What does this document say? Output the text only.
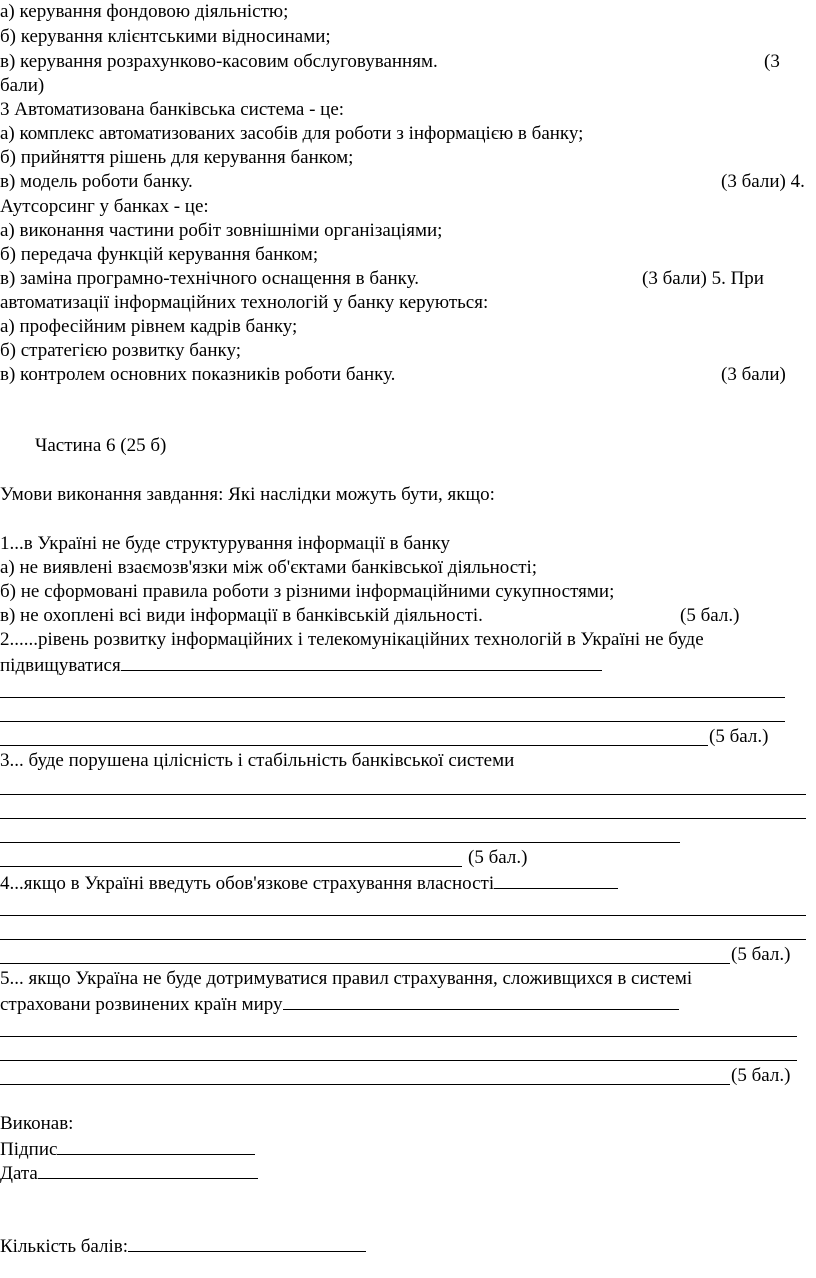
а) керування фондовою діяльністю;
б) керування клієнтськими відносинами;
в) керування розрахунково-касовим обслуговуванням.	(3
бали)
3 Автоматизована банківська система - це:
а) комплекс автоматизованих засобів для роботи з інформацією в банку;
б) прийняття рішень для керування банком;
в) модель роботи банку.	(3 бали) 4.
Аутсорсинг у банках - це:
а) виконання частини робіт зовнішніми організаціями;
б) передача функцій керування банком;
в) заміна програмно-технічного оснащення в банку.	(3 бали) 5. При
автоматизації інформаційних технологій у банку керуються:
а) професійним рівнем кадрів банку;
б) стратегією розвитку банку;
в) контролем основних показників роботи банку.	(3 бали)
Частина 6 (25 б)
Умови виконання завдання: Які наслідки можуть бути, якщо:
1...в Україні не буде структурування інформації в банку
а) не виявлені взаємозв'язки між об'єктами банківської діяльності;
б) не сформовані правила роботи з різними інформаційними сукупностями;
в) не охоплені всі види інформації в банківській діяльності.	(5 бал.)
2......рівень розвитку інформаційних і телекомунікаційних технологій в Україні не буде
підвищуватися
(5 бал.)
3... буде порушена цілісність і стабільність банківської системи
(5 бал.)
4...якщо в Україні введуть обов'язкове страхування власності
(5 бал.)
5... якщо Україна не буде дотримуватися правил страхування, сложивщихся в системі
страховани розвинених країн миру
(5 бал.)
Виконав:
Підпис
Дата
Кількість балів:
